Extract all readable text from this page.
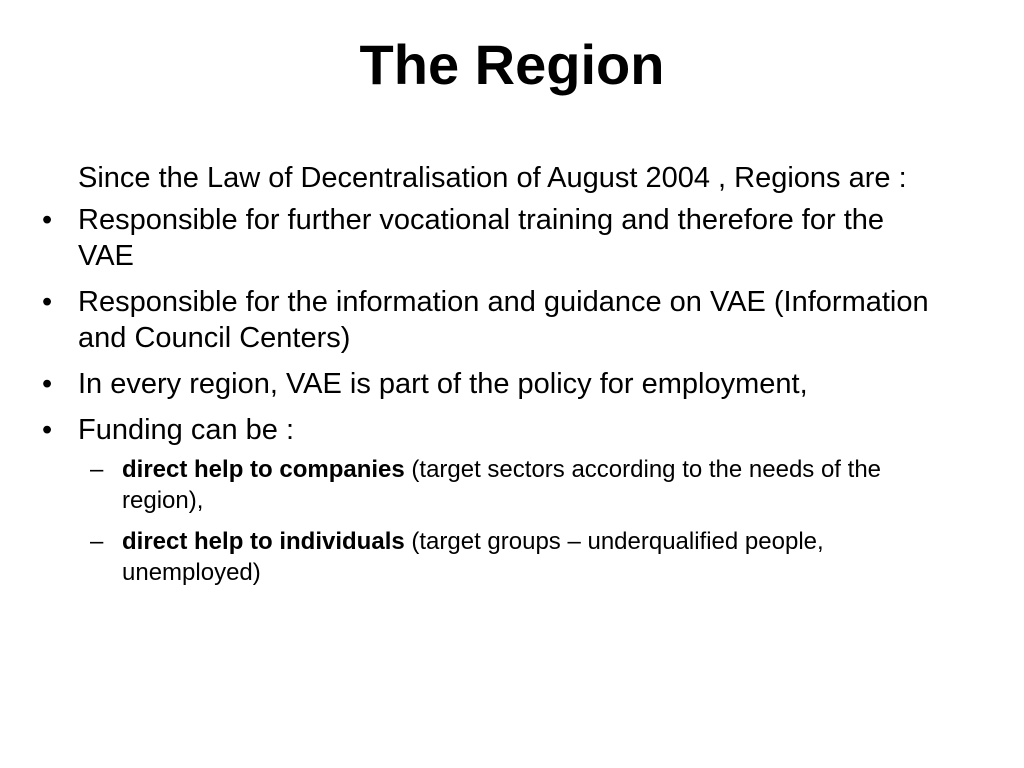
The Region
Since the Law of Decentralisation of August 2004 , Regions are :
• Responsible for further vocational training and therefore for the VAE
• Responsible for the information and guidance on VAE (Information and Council Centers)
• In every region, VAE is part of the policy for employment,
• Funding can be :
– direct help to companies (target sectors according to the needs of the region),
– direct help to individuals (target groups – underqualified people, unemployed)
